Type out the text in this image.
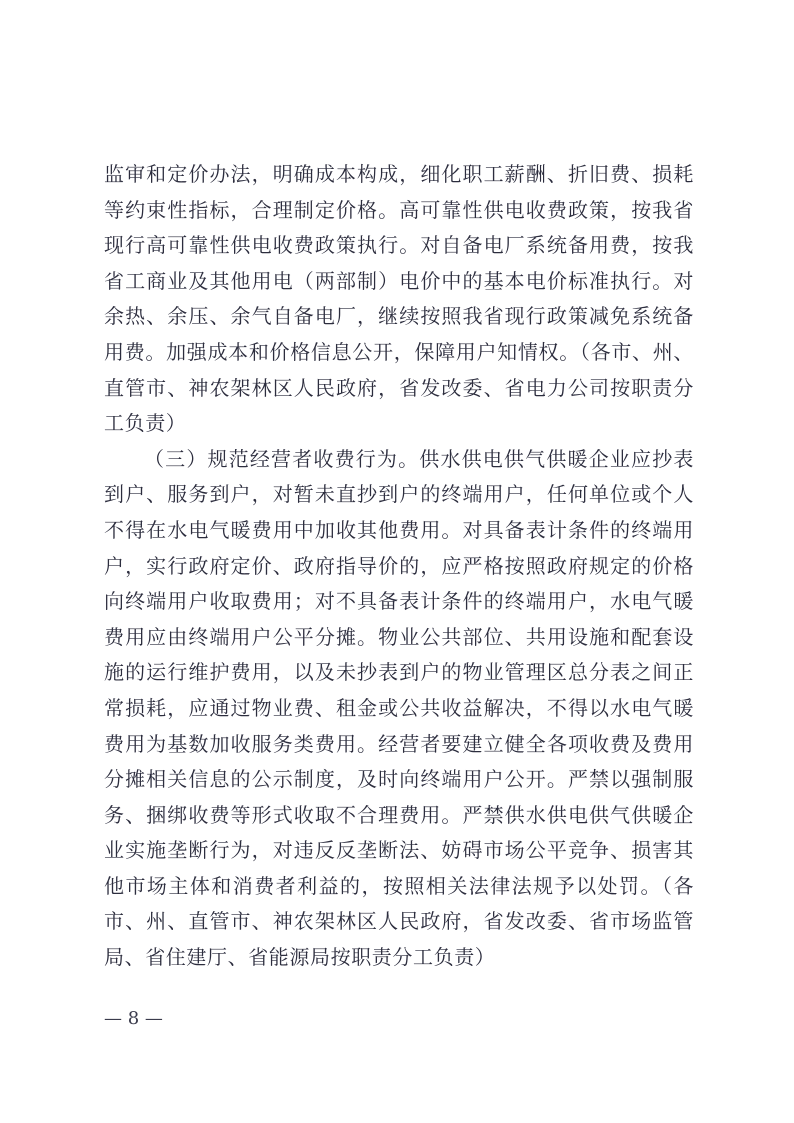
监审和定价办法，明确成本构成，细化职工薪酬、折旧费、损耗等约束性指标，合理制定价格。高可靠性供电收费政策，按我省现行高可靠性供电收费政策执行。对自备电厂系统备用费，按我省工商业及其他用电（两部制）电价中的基本电价标准执行。对余热、余压、余气自备电厂，继续按照我省现行政策减免系统备用费。加强成本和价格信息公开，保障用户知情权。（各市、州、直管市、神农架林区人民政府，省发改委、省电力公司按职责分工负责）

（三）规范经营者收费行为。供水供电供气供暖企业应抄表到户、服务到户，对暂未直抄到户的终端用户，任何单位或个人不得在水电气暖费用中加收其他费用。对具备表计条件的终端用户，实行政府定价、政府指导价的，应严格按照政府规定的价格向终端用户收取费用；对不具备表计条件的终端用户，水电气暖费用应由终端用户公平分摊。物业公共部位、共用设施和配套设施的运行维护费用，以及未抄表到户的物业管理区总分表之间正常损耗，应通过物业费、租金或公共收益解决，不得以水电气暖费用为基数加收服务类费用。经营者要建立健全各项收费及费用分摊相关信息的公示制度，及时向终端用户公开。严禁以强制服务、捆绑收费等形式收取不合理费用。严禁供水供电供气供暖企业实施垄断行为，对违反反垄断法、妨碍市场公平竞争、损害其他市场主体和消费者利益的，按照相关法律法规予以处罚。（各市、州、直管市、神农架林区人民政府，省发改委、省市场监管局、省住建厅、省能源局按职责分工负责）

— 8 —
